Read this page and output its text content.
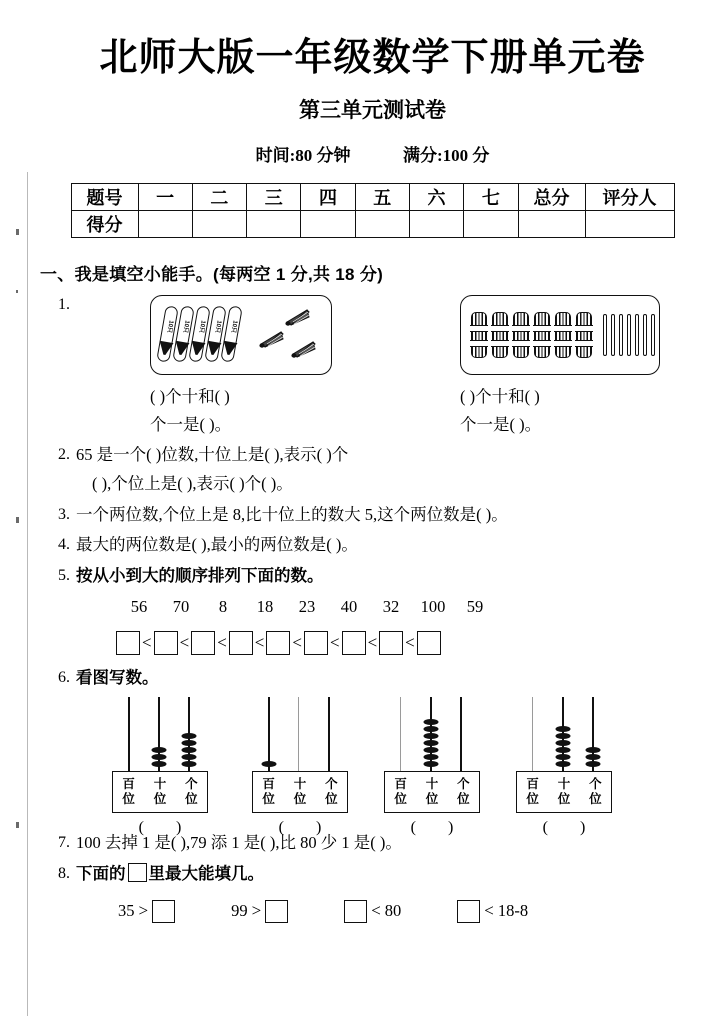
北师大版一年级数学下册单元卷
第三单元测试卷
时间:80 分钟	满分:100 分
题号	一	二	三	四	五	六	七	总分	评分人
得分									
一、我是填空小能手。(每两空 1 分,共 18 分)
1.
10只	10只	10只	10只	10只
( )个十和( )
个一是( )。
( )个十和( )
个一是( )。
2. 65 是一个( )位数,十位上是( ),表示( )个
( ),个位上是( ),表示( )个( )。
3. 一个两位数,个位上是 8,比十位上的数大 5,这个两位数是( )。
4. 最大的两位数是( ),最小的两位数是( )。
5. 按从小到大的顺序排列下面的数。
56 70 8 18 23 40 32 100 59
< < < < < < < <
6. 看图写数。
百
位
十
位
个
位
( )
百
位
十
位
个
位
( )
百
位
十
位
个
位
( )
百
位
十
位
个
位
( )
7. 100 去掉 1 是( ),79 添 1 是( ),比 80 少 1 是( )。
8. 下面的 里最大能填几。
35 >	99 >	< 80	< 18-8
